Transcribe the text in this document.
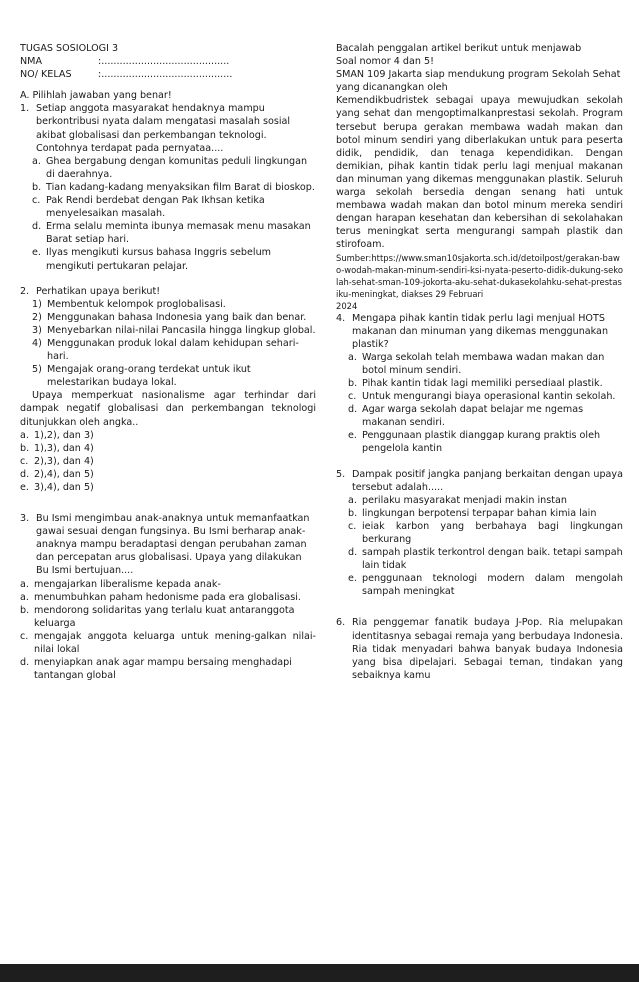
TUGAS SOSIOLOGI 3
NMA	:..........................................
NO/ KELAS	:...........................................
A. Pilihlah jawaban yang benar!
1. Setiap anggota masyarakat hendaknya mampu berkontribusi nyata dalam mengatasi masalah sosial akibat globalisasi dan perkembangan teknologi. Contohnya terdapat pada pernyataa....
a. Ghea bergabung dengan komunitas peduli lingkungan di daerahnya.
b. Tian kadang-kadang menyaksikan film Barat di bioskop.
c. Pak Rendi berdebat dengan Pak Ikhsan ketika menyelesaikan masalah.
d. Erma selalu meminta ibunya memasak menu masakan Barat setiap hari.
e. Ilyas mengikuti kursus bahasa Inggris sebelum mengikuti pertukaran pelajar.
2. Perhatikan upaya berikut!
1) Membentuk kelompok proglobalisasi.
2) Menggunakan bahasa Indonesia yang baik dan benar.
3) Menyebarkan nilai-nilai Pancasila hingga lingkup global.
4) Menggunakan produk lokal dalam kehidupan sehari-hari.
5) Mengajak orang-orang terdekat untuk ikut melestarikan budaya lokal.
Upaya memperkuat nasionalisme agar terhindar dari dampak negatif globalisasi dan perkembangan teknologi ditunjukkan oleh angka..
a. 1),2), dan 3)
b. 1),3), dan 4)
c. 2),3), dan 4)
d. 2),4), dan 5)
e. 3),4), dan 5)
3. Bu Ismi mengimbau anak-anaknya untuk memanfaatkan gawai sesuai dengan fungsinya. Bu Ismi berharap anak-anaknya mampu beradaptasi dengan perubahan zaman dan percepatan arus globalisasi. Upaya yang dilakukan Bu Ismi bertujuan....
a. mengajarkan liberalisme kepada anak-
a. menumbuhkan paham hedonisme pada era globalisasi.
b. mendorong solidaritas yang terlalu kuat antaranggota keluarga
c. mengajak anggota keluarga untuk mening-galkan nilai-nilai lokal
d. menyiapkan anak agar mampu bersaing menghadapi tantangan global
Bacalah penggalan artikel berikut untuk menjawab
Soal nomor 4 dan 5!
SMAN 109 Jakarta siap mendukung program Sekolah Sehat yang dicanangkan oleh
Kemendikbudristek sebagai upaya mewujudkan sekolah yang sehat dan mengoptimalkanprestasi sekolah. Program tersebut berupa gerakan membawa wadah makan dan botol minum sendiri yang diberlakukan untuk para peserta didik, pendidik, dan tenaga kependidikan. Dengan demikian, pihak kantin tidak perlu lagi menjual makanan dan minuman yang dikemas menggunakan plastik. Seluruh warga sekolah bersedia dengan senang hati untuk membawa wadah makan dan botol minum mereka sendiri dengan harapan kesehatan dan kebersihan di sekolahakan terus meningkat serta mengurangi sampah plastik dan stirofoam.
Sumber:https://www.sman10sjakorta.sch.id/detoilpost/gerakan-bawo-wodah-makan-minum-sendiri-ksi-nyata-peserto-didik-dukung-sekolah-sehat-sman-109-jokorta-aku-sehat-dukasekolahku-sehat-prestasiku-meningkat, diakses 29 Februari
2024
4. Mengapa pihak kantin tidak perlu lagi menjual HOTS makanan dan minuman yang dikemas menggunakan plastik?
a. Warga sekolah telah membawa wadan makan dan botol minum sendiri.
b. Pihak kantin tidak lagi memiliki persediaal plastik.
c. Untuk mengurangi biaya operasional kantin sekolah.
d. Agar warga sekolah dapat belajar me ngemas makanan sendiri.
e. Penggunaan plastik dianggap kurang praktis oleh pengelola kantin
5. Dampak positif jangka panjang berkaitan dengan upaya tersebut adalah.....
a. perilaku masyarakat menjadi makin instan
b. lingkungan berpotensi terpapar bahan kimia lain
c. ieiak karbon yang berbahaya bagi lingkungan berkurang
d. sampah plastik terkontrol dengan baik. tetapi sampah lain tidak
e. penggunaan teknologi modern dalam mengolah sampah meningkat
6. Ria penggemar fanatik budaya J-Pop. Ria melupakan identitasnya sebagai remaja yang berbudaya Indonesia. Ria tidak menyadari bahwa banyak budaya Indonesia yang bisa dipelajari. Sebagai teman, tindakan yang sebaiknya kamu
